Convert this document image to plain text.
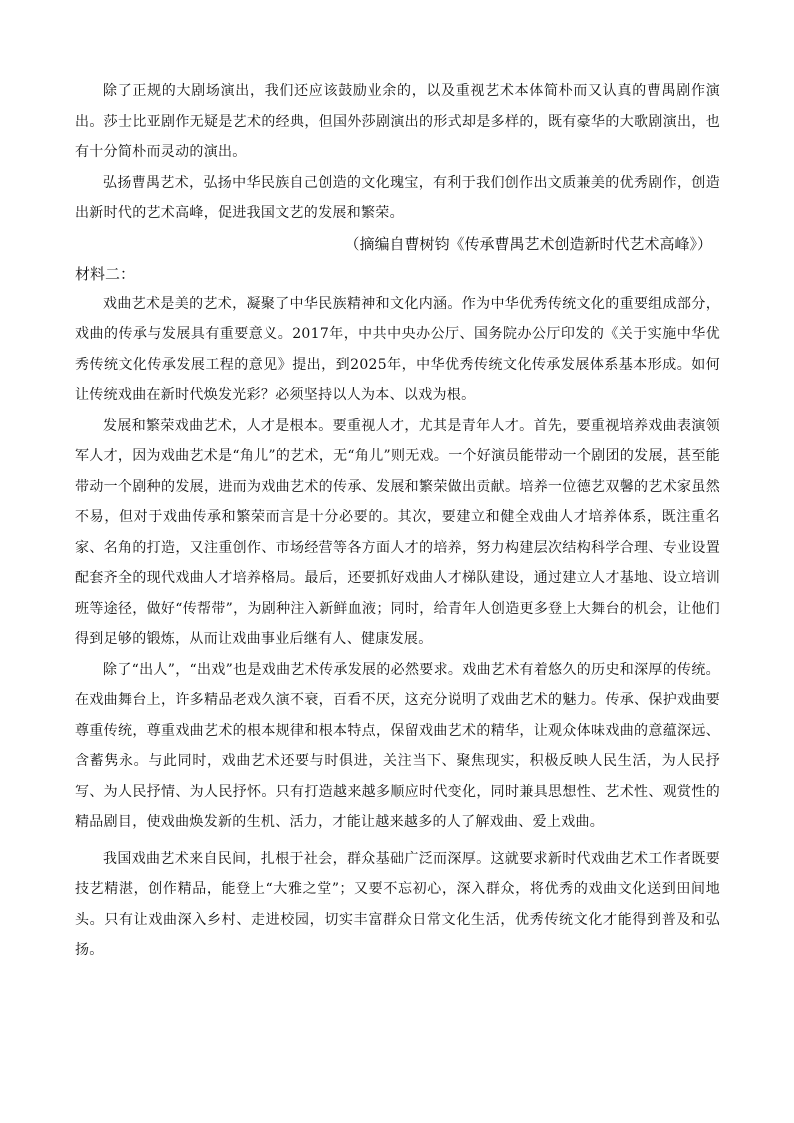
除了正规的大剧场演出，我们还应该鼓励业余的，以及重视艺术本体简朴而又认真的曹禺剧作演出。莎士比亚剧作无疑是艺术的经典，但国外莎剧演出的形式却是多样的，既有豪华的大歌剧演出，也有十分简朴而灵动的演出。

弘扬曹禺艺术，弘扬中华民族自己创造的文化瑰宝，有利于我们创作出文质兼美的优秀剧作，创造出新时代的艺术高峰，促进我国文艺的发展和繁荣。

（摘编自曹树钧《传承曹禺艺术创造新时代艺术高峰》）

材料二：

戏曲艺术是美的艺术，凝聚了中华民族精神和文化内涵。作为中华优秀传统文化的重要组成部分，戏曲的传承与发展具有重要意义。2017年，中共中央办公厅、国务院办公厅印发的《关于实施中华优秀传统文化传承发展工程的意见》提出，到2025年，中华优秀传统文化传承发展体系基本形成。如何让传统戏曲在新时代焕发光彩？必须坚持以人为本、以戏为根。

发展和繁荣戏曲艺术，人才是根本。要重视人才，尤其是青年人才。首先，要重视培养戏曲表演领军人才，因为戏曲艺术是“角儿”的艺术，无“角儿”则无戏。一个好演员能带动一个剧团的发展，甚至能带动一个剧种的发展，进而为戏曲艺术的传承、发展和繁荣做出贡献。培养一位德艺双馨的艺术家虽然不易，但对于戏曲传承和繁荣而言是十分必要的。其次，要建立和健全戏曲人才培养体系，既注重名家、名角的打造，又注重创作、市场经营等各方面人才的培养，努力构建层次结构科学合理、专业设置配套齐全的现代戏曲人才培养格局。最后，还要抓好戏曲人才梯队建设，通过建立人才基地、设立培训班等途径，做好“传帮带”，为剧种注入新鲜血液；同时，给青年人创造更多登上大舞台的机会，让他们得到足够的锻炼，从而让戏曲事业后继有人、健康发展。

除了“出人”，“出戏”也是戏曲艺术传承发展的必然要求。戏曲艺术有着悠久的历史和深厚的传统。在戏曲舞台上，许多精品老戏久演不衰，百看不厌，这充分说明了戏曲艺术的魅力。传承、保护戏曲要尊重传统，尊重戏曲艺术的根本规律和根本特点，保留戏曲艺术的精华，让观众体味戏曲的意蕴深远、含蓄隽永。与此同时，戏曲艺术还要与时俱进，关注当下、聚焦现实，积极反映人民生活，为人民抒写、为人民抒情、为人民抒怀。只有打造越来越多顺应时代变化，同时兼具思想性、艺术性、观赏性的精品剧目，使戏曲焕发新的生机、活力，才能让越来越多的人了解戏曲、爱上戏曲。

我国戏曲艺术来自民间，扎根于社会，群众基础广泛而深厚。这就要求新时代戏曲艺术工作者既要技艺精湛，创作精品，能登上“大雅之堂”；又要不忘初心，深入群众，将优秀的戏曲文化送到田间地头。只有让戏曲深入乡村、走进校园，切实丰富群众日常文化生活，优秀传统文化才能得到普及和弘扬。
